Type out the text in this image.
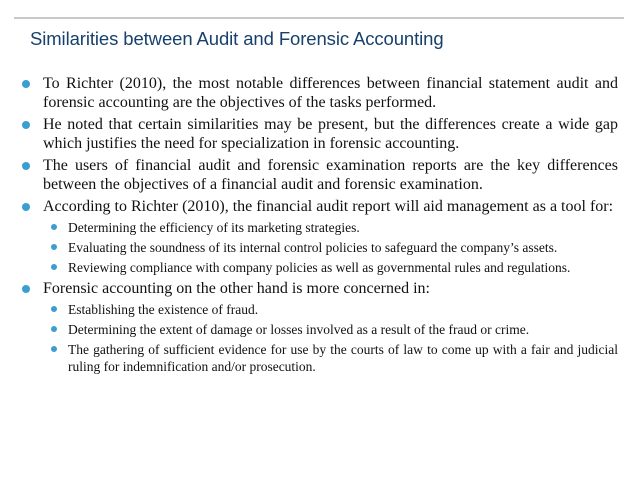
Similarities between Audit and Forensic Accounting
To Richter (2010), the most notable differences between financial statement audit and forensic accounting are the objectives of the tasks performed.
He noted that certain similarities may be present, but the differences create a wide gap which justifies the need for specialization in forensic accounting.
The users of financial audit and forensic examination reports are the key differences between the objectives of a financial audit and forensic examination.
According to Richter (2010), the financial audit report will aid management as a tool for:
Determining the efficiency of its marketing strategies.
Evaluating the soundness of its internal control policies to safeguard the company’s assets.
Reviewing compliance with company policies as well as governmental rules and regulations.
Forensic accounting on the other hand is more concerned in:
Establishing the existence of fraud.
Determining the extent of damage or losses involved as a result of the fraud or crime.
The gathering of sufficient evidence for use by the courts of law to come up with a fair and judicial ruling for indemnification and/or prosecution.
